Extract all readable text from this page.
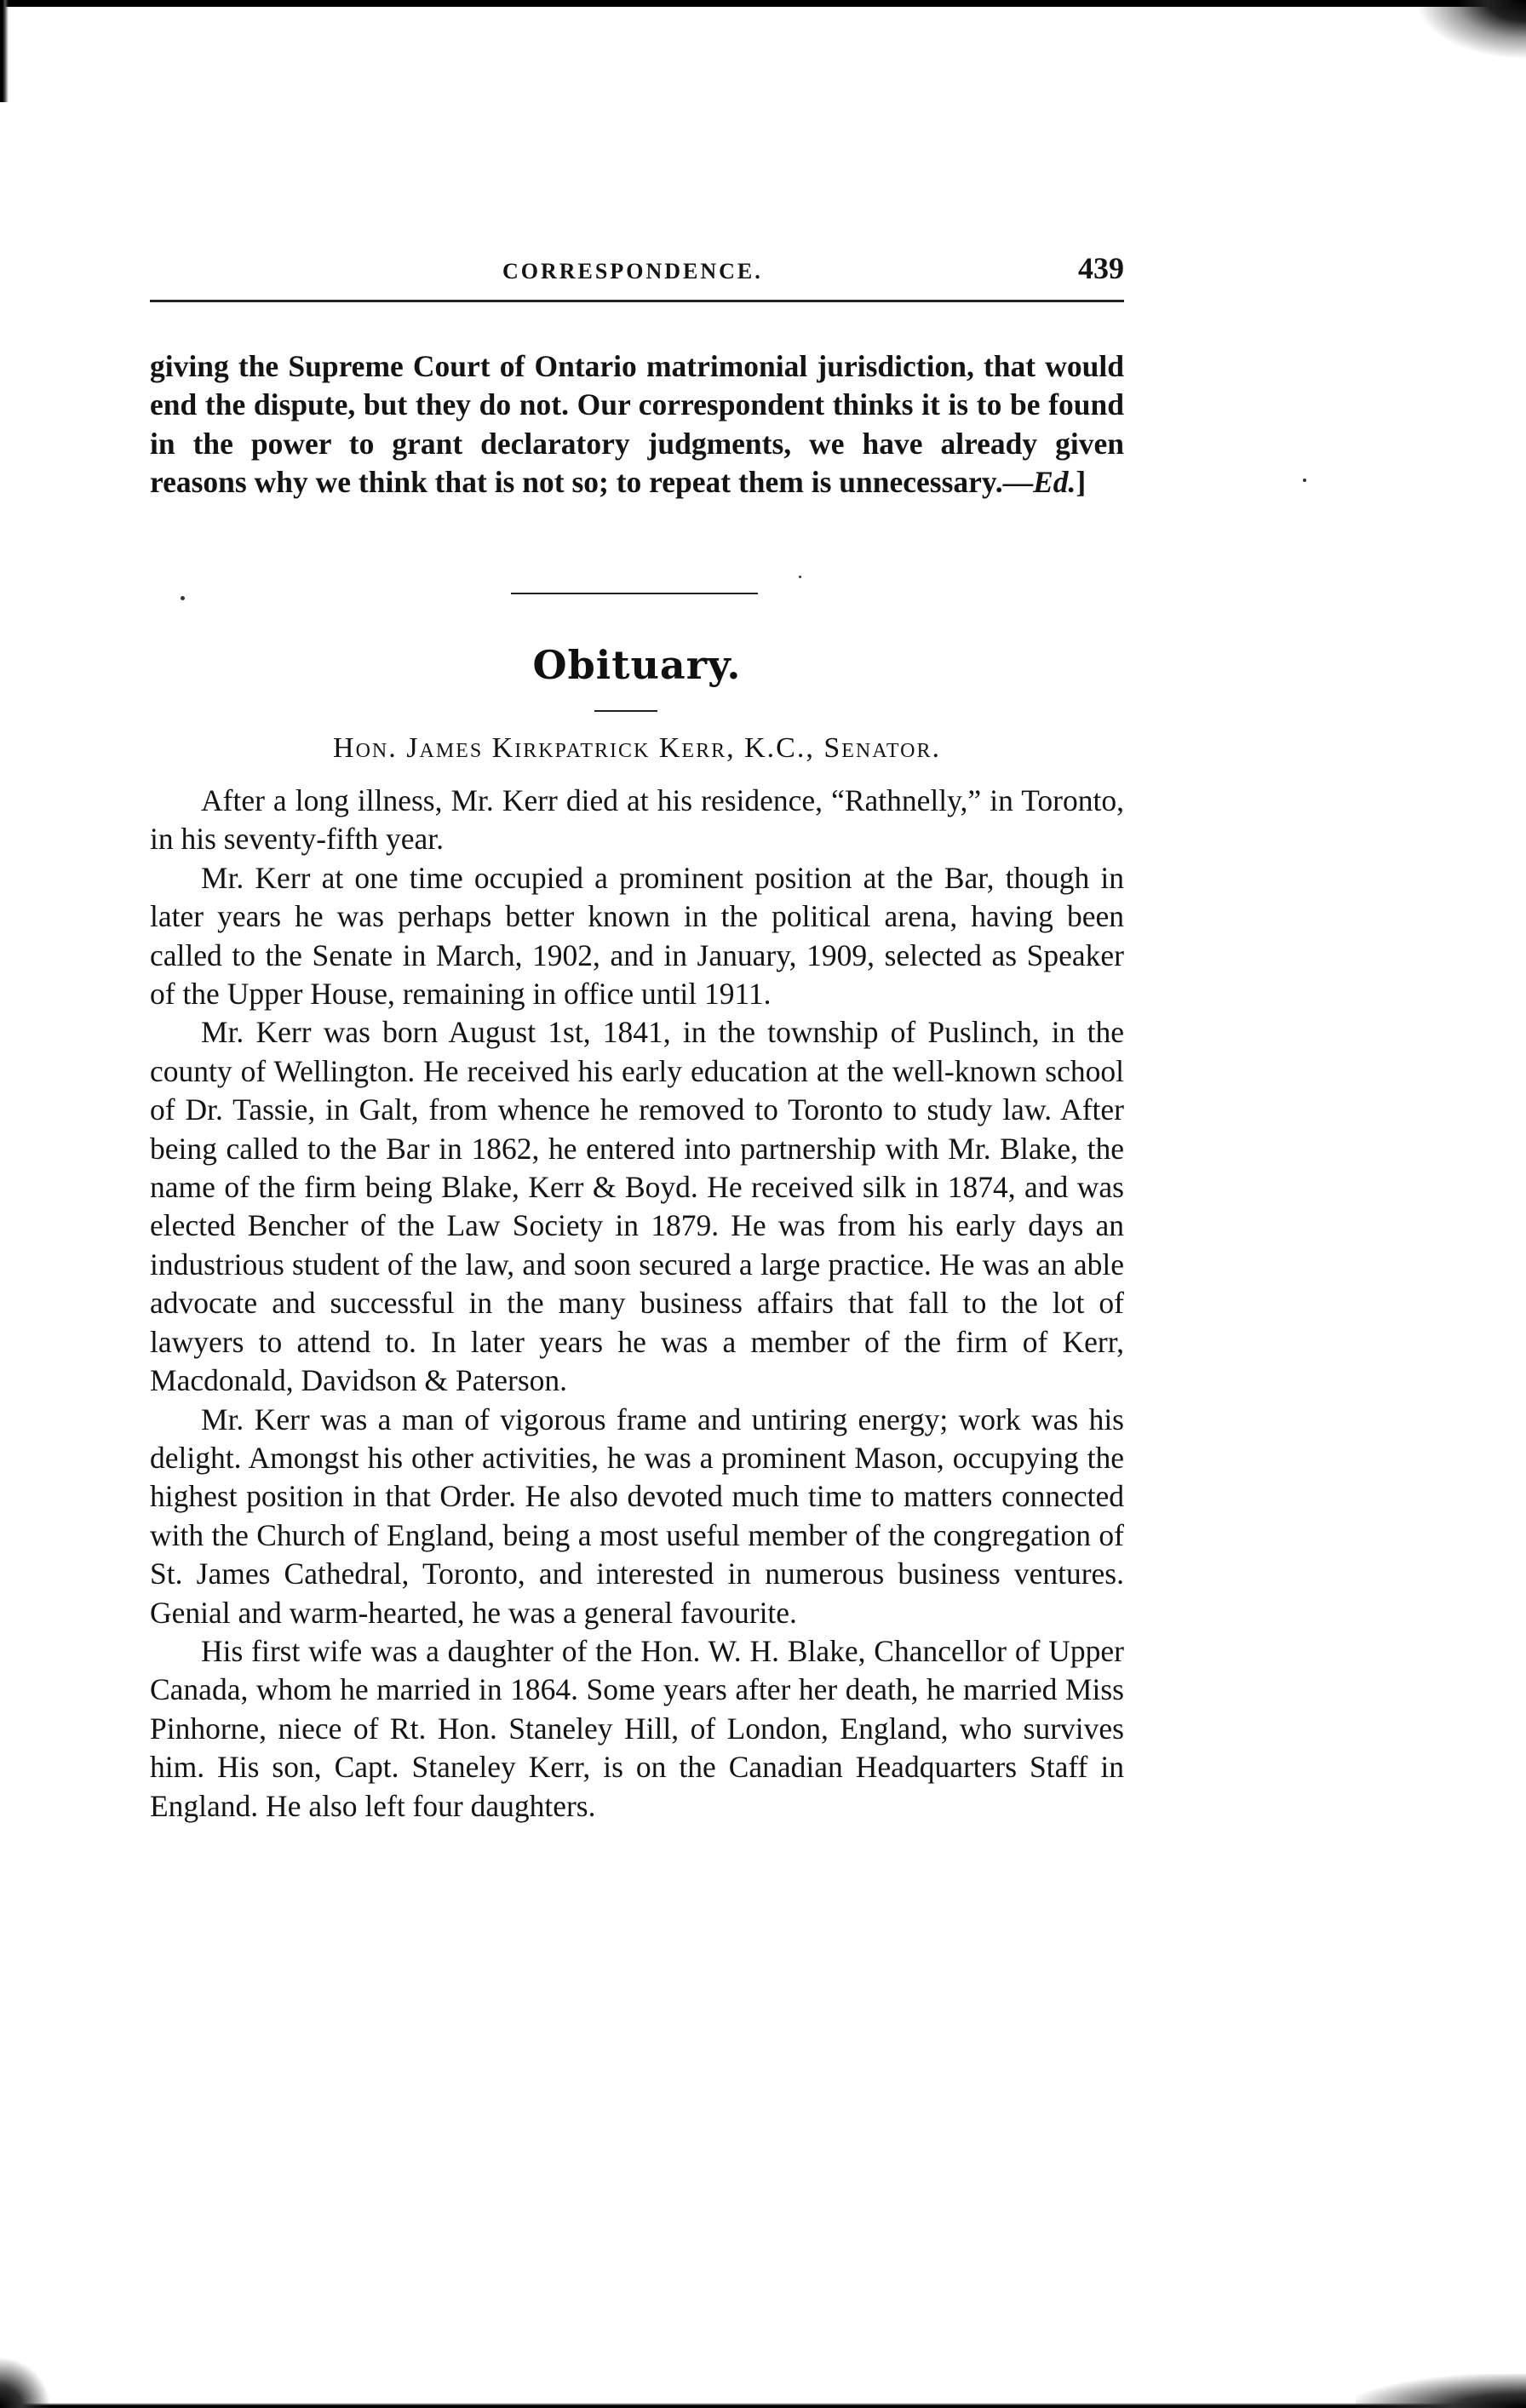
CORRESPONDENCE.	439

giving the Supreme Court of Ontario matrimonial jurisdiction, that would end the dispute, but they do not. Our correspondent thinks it is to be found in the power to grant declaratory judgments, we have already given reasons why we think that is not so; to repeat them is unnecessary.—Ed.]

Obituary.
Hon. James Kirkpatrick Kerr, K.C., Senator.

After a long illness, Mr. Kerr died at his residence, “Rathnelly,” in Toronto, in his seventy-fifth year.

Mr. Kerr at one time occupied a prominent position at the Bar, though in later years he was perhaps better known in the political arena, having been called to the Senate in March, 1902, and in January, 1909, selected as Speaker of the Upper House, remaining in office until 1911.

Mr. Kerr was born August 1st, 1841, in the township of Puslinch, in the county of Wellington. He received his early education at the well-known school of Dr. Tassie, in Galt, from whence he removed to Toronto to study law. After being called to the Bar in 1862, he entered into partnership with Mr. Blake, the name of the firm being Blake, Kerr & Boyd. He received silk in 1874, and was elected Bencher of the Law Society in 1879. He was from his early days an industrious student of the law, and soon secured a large practice. He was an able advocate and successful in the many business affairs that fall to the lot of lawyers to attend to. In later years he was a member of the firm of Kerr, Macdonald, Davidson & Paterson.

Mr. Kerr was a man of vigorous frame and untiring energy; work was his delight. Amongst his other activities, he was a prominent Mason, occupying the highest position in that Order. He also devoted much time to matters connected with the Church of England, being a most useful member of the congregation of St. James Cathedral, Toronto, and interested in numerous business ventures. Genial and warm-hearted, he was a general favourite.

His first wife was a daughter of the Hon. W. H. Blake, Chancellor of Upper Canada, whom he married in 1864. Some years after her death, he married Miss Pinhorne, niece of Rt. Hon. Staneley Hill, of London, England, who survives him. His son, Capt. Staneley Kerr, is on the Canadian Headquarters Staff in England. He also left four daughters.
